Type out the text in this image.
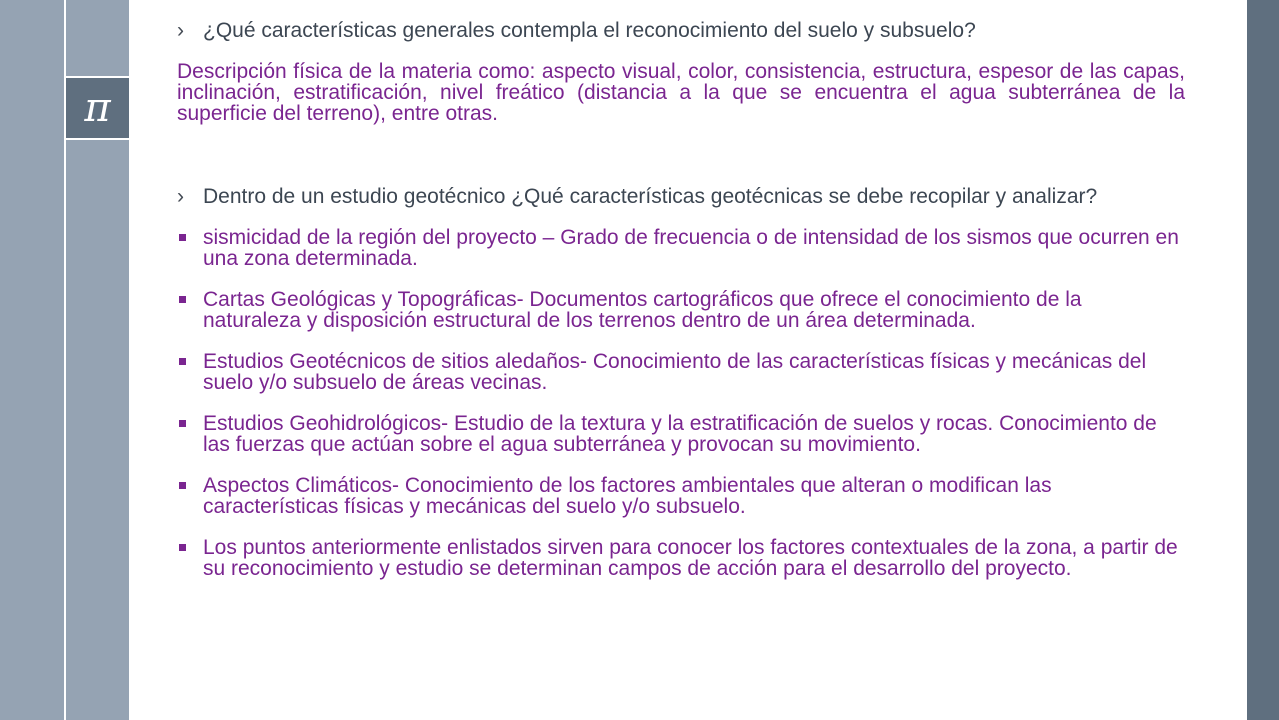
π
› ¿Qué características generales contempla el reconocimiento del suelo y subsuelo?
Descripción física de la materia como: aspecto visual, color, consistencia, estructura, espesor de las capas, inclinación, estratificación, nivel freático (distancia a la que se encuentra el agua subterránea de la superficie del terreno), entre otras.
› Dentro de un estudio geotécnico ¿Qué características geotécnicas se debe recopilar y analizar?
sismicidad de la región del proyecto – Grado de frecuencia o de intensidad de los sismos que ocurren en una zona determinada.
Cartas Geológicas y Topográficas- Documentos cartográficos que ofrece el conocimiento de la naturaleza y disposición estructural de los terrenos dentro de un área determinada.
Estudios Geotécnicos de sitios aledaños- Conocimiento de las características físicas y mecánicas del suelo y/o subsuelo de áreas vecinas.
Estudios Geohidrológicos- Estudio de la textura y la estratificación de suelos y rocas. Conocimiento de las fuerzas que actúan sobre el agua subterránea y provocan su movimiento.
Aspectos Climáticos- Conocimiento de los factores ambientales que alteran o modifican las características físicas y mecánicas del suelo y/o subsuelo.
Los puntos anteriormente enlistados sirven para conocer los factores contextuales de la zona, a partir de su reconocimiento y estudio se determinan campos de acción para el desarrollo del proyecto.
